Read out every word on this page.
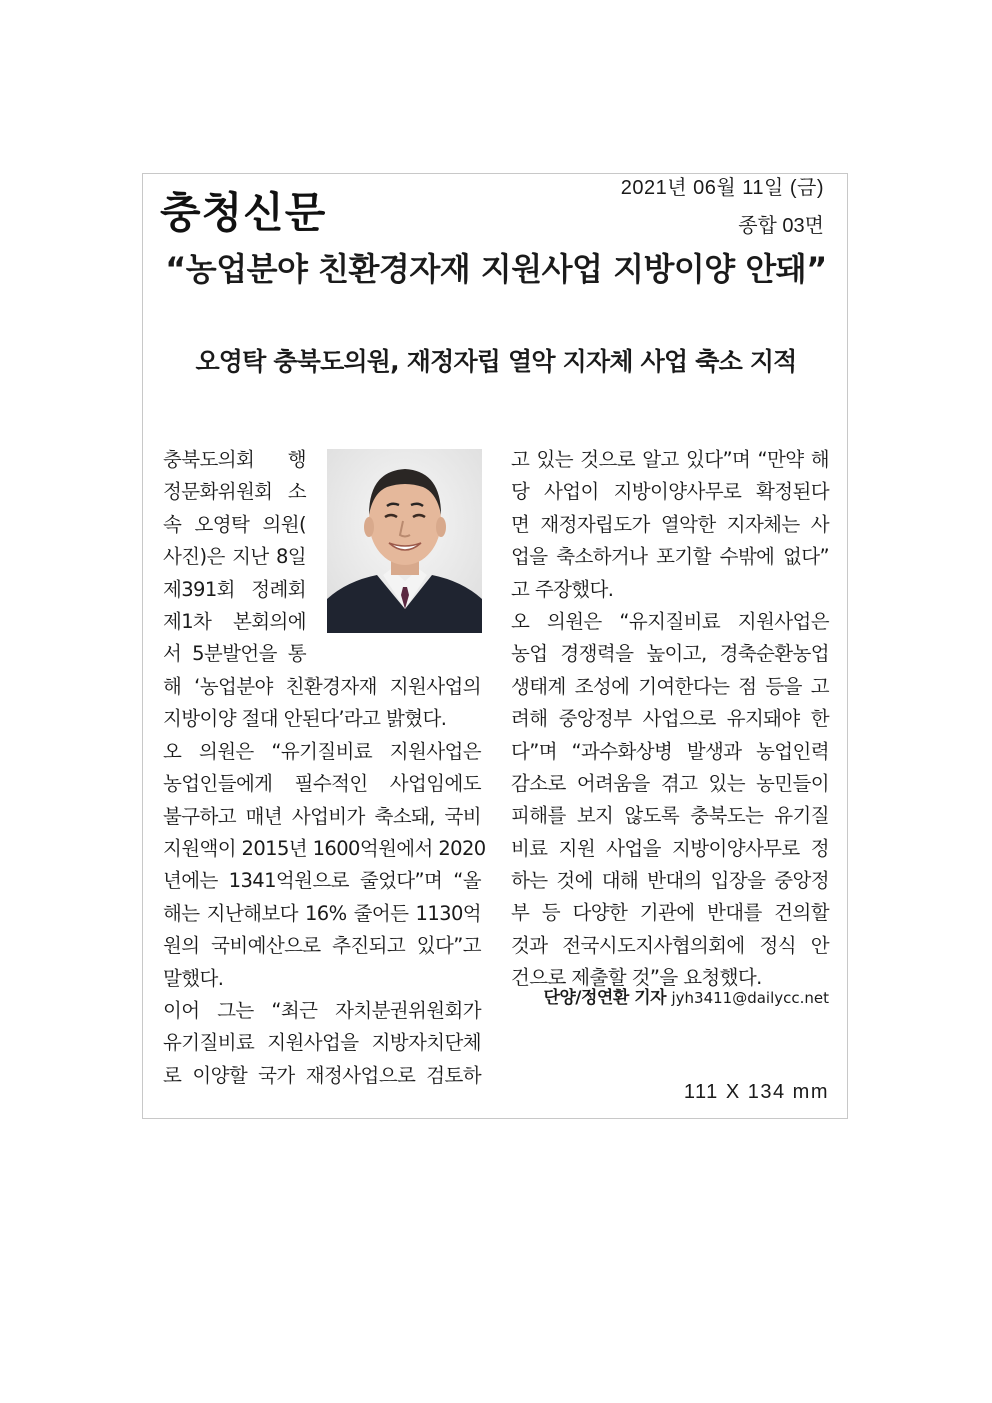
충청신문	2021년 06월 11일 (금)
종합 03면
“농업분야 친환경자재 지원사업 지방이양 안돼”
오영탁 충북도의원, 재정자립 열악 지자체 사업 축소 지적
충북도의회 행
정문화위원회 소
속 오영탁 의원(
사진)은 지난 8일
제391회 정례회
제1차 본회의에
서 5분발언을 통
해 ‘농업분야 친환경자재 지원사업의
지방이양 절대 안된다’라고 밝혔다.
오 의원은 “유기질비료 지원사업은
농업인들에게 필수적인 사업임에도
불구하고 매년 사업비가 축소돼, 국비
지원액이 2015년 1600억원에서 2020
년에는 1341억원으로 줄었다”며 “올
해는 지난해보다 16% 줄어든 1130억
원의 국비예산으로 추진되고 있다”고
말했다.
이어 그는 “최근 자치분권위원회가
유기질비료 지원사업을 지방자치단체
로 이양할 국가 재정사업으로 검토하
고 있는 것으로 알고 있다”며 “만약 해
당 사업이 지방이양사무로 확정된다
면 재정자립도가 열악한 지자체는 사
업을 축소하거나 포기할 수밖에 없다”
고 주장했다.
오 의원은 “유지질비료 지원사업은
농업 경쟁력을 높이고, 경축순환농업
생태계 조성에 기여한다는 점 등을 고
려해 중앙정부 사업으로 유지돼야 한
다”며 “과수화상병 발생과 농업인력
감소로 어려움을 겪고 있는 농민들이
피해를 보지 않도록 충북도는 유기질
비료 지원 사업을 지방이양사무로 정
하는 것에 대해 반대의 입장을 중앙정
부 등 다양한 기관에 반대를 건의할
것과 전국시도지사협의회에 정식 안
건으로 제출할 것”을 요청했다.
단양/정연환 기자 jyh3411@dailycc.net
111 X 134 mm
